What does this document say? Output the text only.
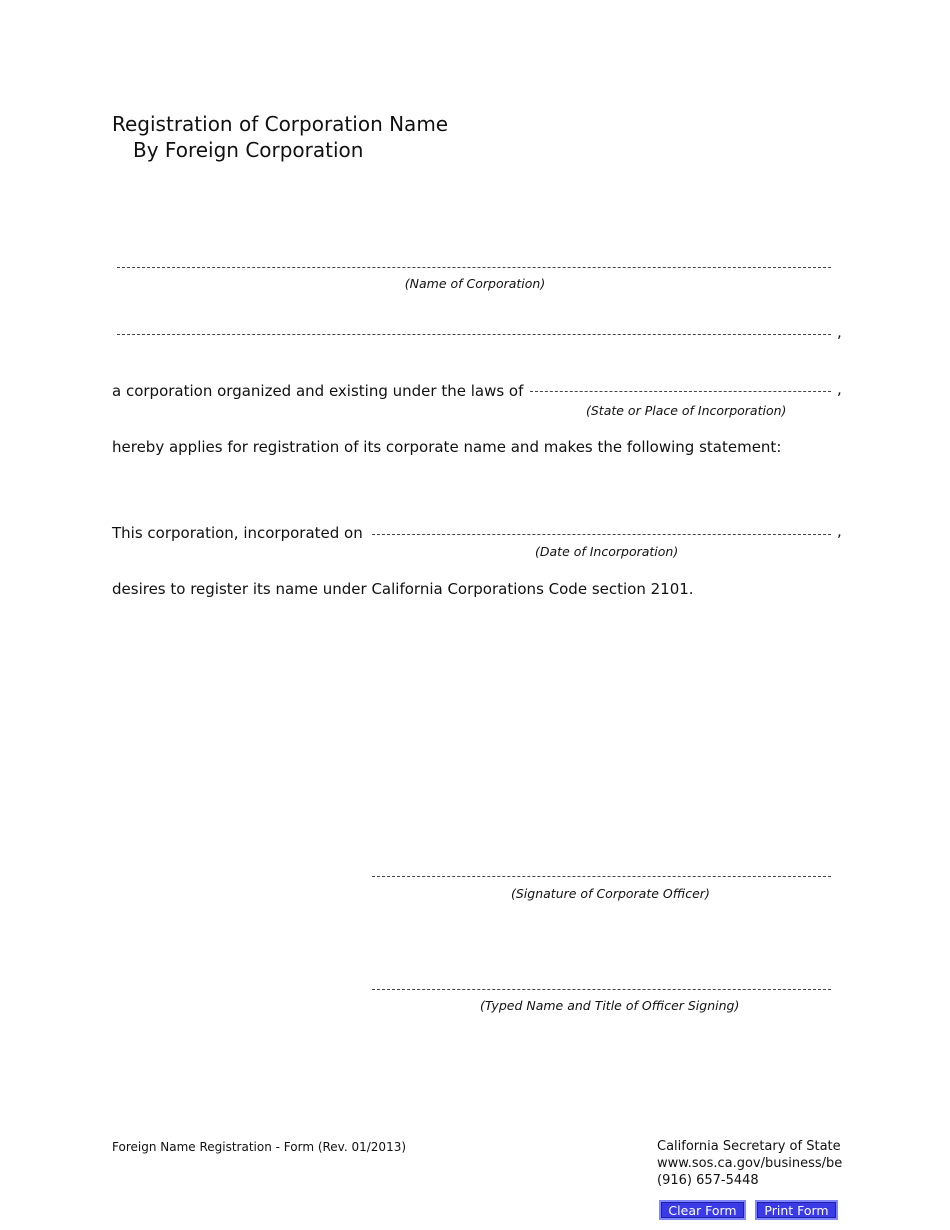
Registration of Corporation Name
By Foreign Corporation
(Name of Corporation)
,
a corporation organized and existing under the laws of	,
(State or Place of Incorporation)
hereby applies for registration of its corporate name and makes the following statement:
This corporation, incorporated on	,
(Date of Incorporation)
desires to register its name under California Corporations Code section 2101.
(Signature of Corporate Officer)
(Typed Name and Title of Officer Signing)
Foreign Name Registration - Form (Rev. 01/2013)	California Secretary of State
www.sos.ca.gov/business/be
(916) 657-5448
Clear Form	Print Form
